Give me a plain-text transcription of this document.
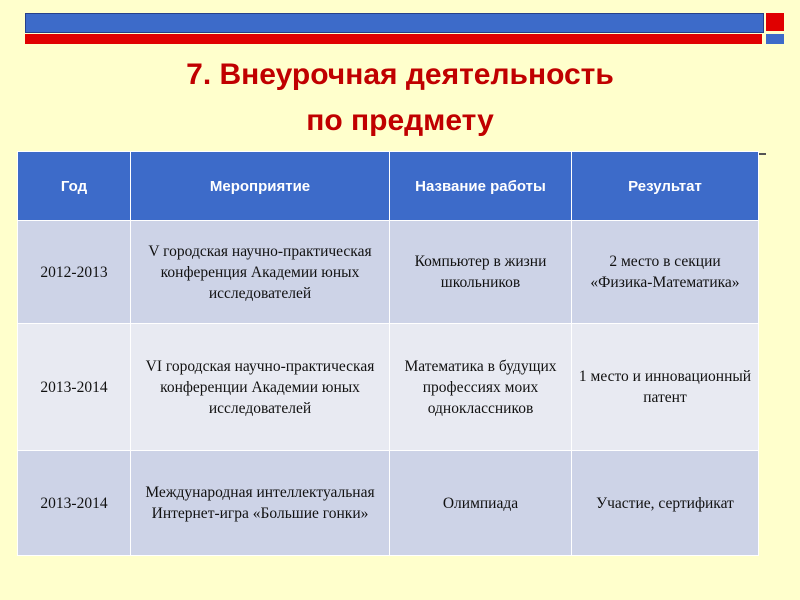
7. Внеурочная деятельность
по предмету
Год	Мероприятие	Название работы	Результат
2012-2013	V городская научно-практическая конференция Академии юных исследователей	Компьютер в жизни школьников	2 место в секции «Физика-Математика»
2013-2014	VI городская научно-практическая конференции Академии юных исследователей	Математика в будущих профессиях моих одноклассников	1 место и инновационный патент
2013-2014	Международная интеллектуальная Интернет-игра «Большие гонки»	Олимпиада	Участие, сертификат
